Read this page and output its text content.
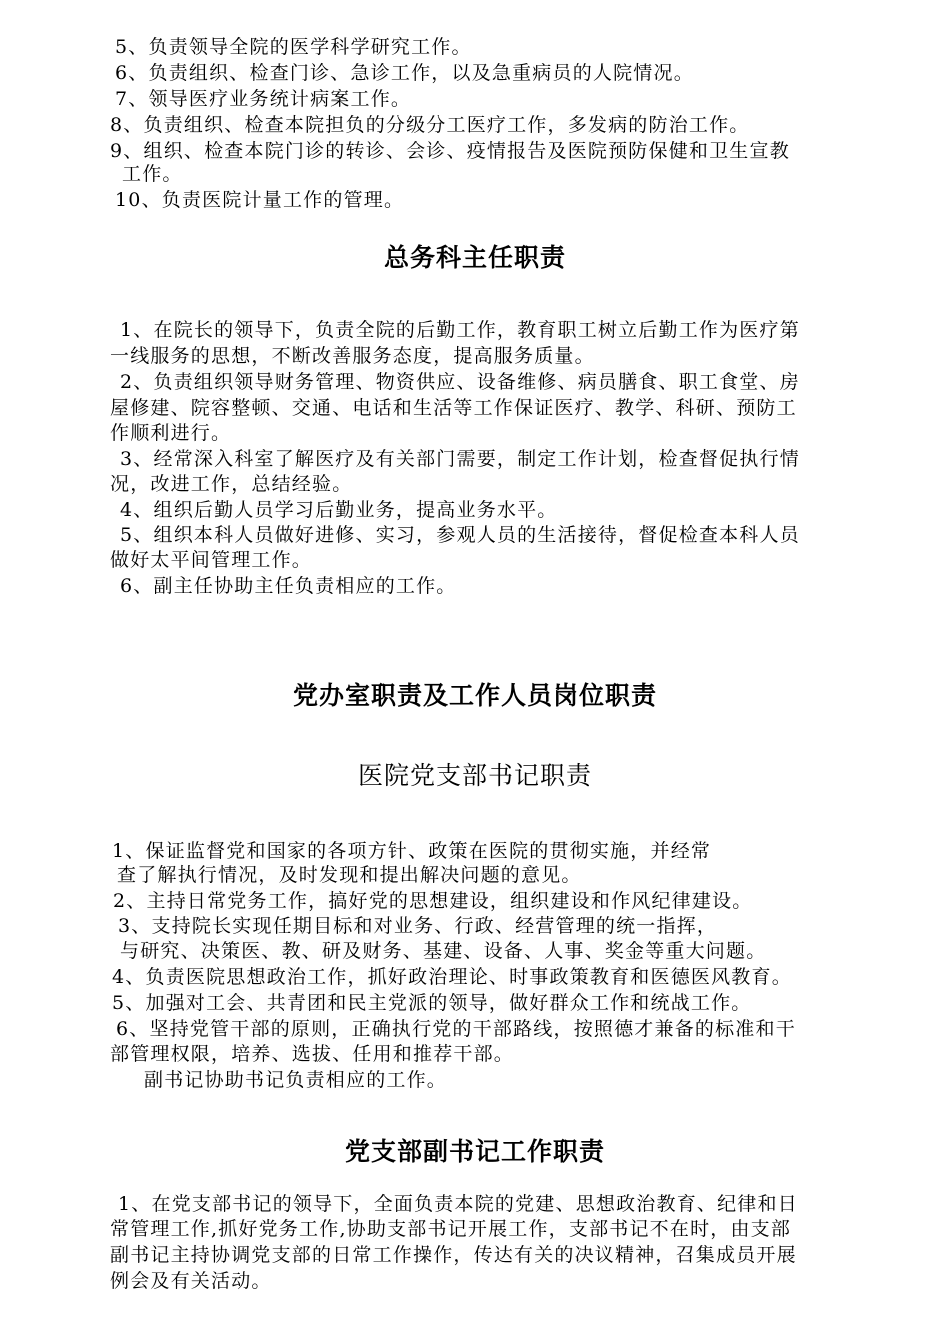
5、负责领导全院的医学科学研究工作。
6、负责组织、检查门诊、急诊工作，以及急重病员的人院情况。
7、领导医疗业务统计病案工作。
8、负责组织、检查本院担负的分级分工医疗工作，多发病的防治工作。
9、组织、检查本院门诊的转诊、会诊、疫情报告及医院预防保健和卫生宣教
工作。
10、负责医院计量工作的管理。
总务科主任职责
1、在院长的领导下，负责全院的后勤工作，教育职工树立后勤工作为医疗第
一线服务的思想，不断改善服务态度，提高服务质量。
2、负责组织领导财务管理、物资供应、设备维修、病员膳食、职工食堂、房
屋修建、院容整顿、交通、电话和生活等工作保证医疗、教学、科研、预防工
作顺利进行。
3、经常深入科室了解医疗及有关部门需要，制定工作计划，检查督促执行情
况，改进工作，总结经验。
4、组织后勤人员学习后勤业务，提高业务水平。
5、组织本科人员做好进修、实习，参观人员的生活接待，督促检查本科人员
做好太平间管理工作。
6、副主任协助主任负责相应的工作。
党办室职责及工作人员岗位职责
医院党支部书记职责
1、保证监督党和国家的各项方针、政策在医院的贯彻实施，并经常
查了解执行情况，及时发现和提出解决问题的意见。
2、主持日常党务工作，搞好党的思想建设，组织建设和作风纪律建设。
3、支持院长实现任期目标和对业务、行政、经营管理的统一指挥，
与研究、决策医、教、研及财务、基建、设备、人事、奖金等重大问题。
4、负责医院思想政治工作，抓好政治理论、时事政策教育和医德医风教育。
5、加强对工会、共青团和民主党派的领导，做好群众工作和统战工作。
6、坚持党管干部的原则，正确执行党的干部路线，按照德才兼备的标准和干
部管理权限，培养、选拔、任用和推荐干部。
副书记协助书记负责相应的工作。
党支部副书记工作职责
1、在党支部书记的领导下，全面负责本院的党建、思想政治教育、纪律和日
常管理工作,抓好党务工作,协助支部书记开展工作，支部书记不在时，由支部
副书记主持协调党支部的日常工作操作，传达有关的决议精神，召集成员开展
例会及有关活动。
